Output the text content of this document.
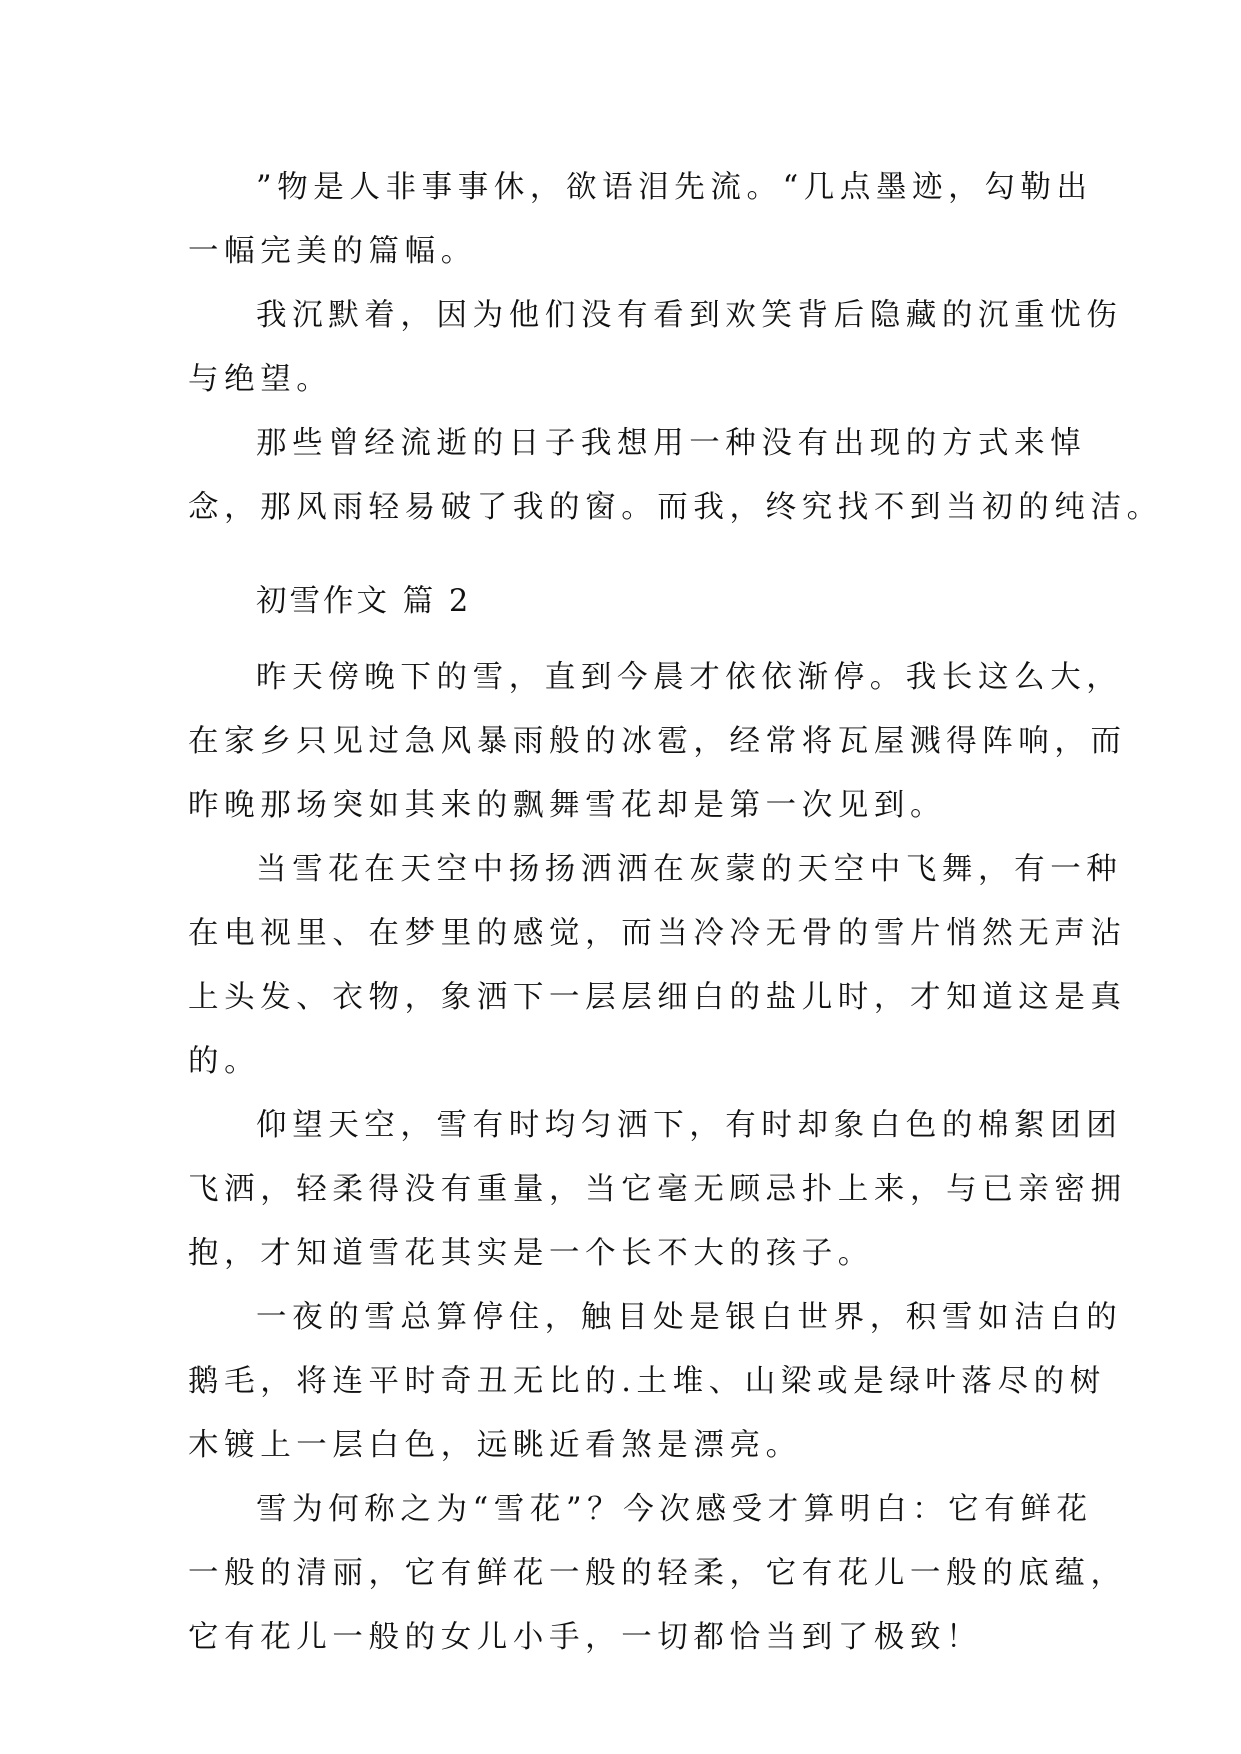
”物是人非事事休，欲语泪先流。“几点墨迹，勾勒出
一幅完美的篇幅。
我沉默着，因为他们没有看到欢笑背后隐藏的沉重忧伤
与绝望。
那些曾经流逝的日子我想用一种没有出现的方式来悼
念，那风雨轻易破了我的窗。而我，终究找不到当初的纯洁。
初雪作文 篇 2
昨天傍晚下的雪，直到今晨才依依渐停。我长这么大，
在家乡只见过急风暴雨般的冰雹，经常将瓦屋溅得阵响，而
昨晚那场突如其来的飘舞雪花却是第一次见到。
当雪花在天空中扬扬洒洒在灰蒙的天空中飞舞，有一种
在电视里、在梦里的感觉，而当冷冷无骨的雪片悄然无声沾
上头发、衣物，象洒下一层层细白的盐儿时，才知道这是真
的。
仰望天空，雪有时均匀洒下，有时却象白色的棉絮团团
飞洒，轻柔得没有重量，当它毫无顾忌扑上来，与已亲密拥
抱，才知道雪花其实是一个长不大的孩子。
一夜的雪总算停住，触目处是银白世界，积雪如洁白的
鹅毛，将连平时奇丑无比的.土堆、山梁或是绿叶落尽的树
木镀上一层白色，远眺近看煞是漂亮。
雪为何称之为“雪花”？今次感受才算明白：它有鲜花
一般的清丽，它有鲜花一般的轻柔，它有花儿一般的底蕴，
它有花儿一般的女儿小手，一切都恰当到了极致！
